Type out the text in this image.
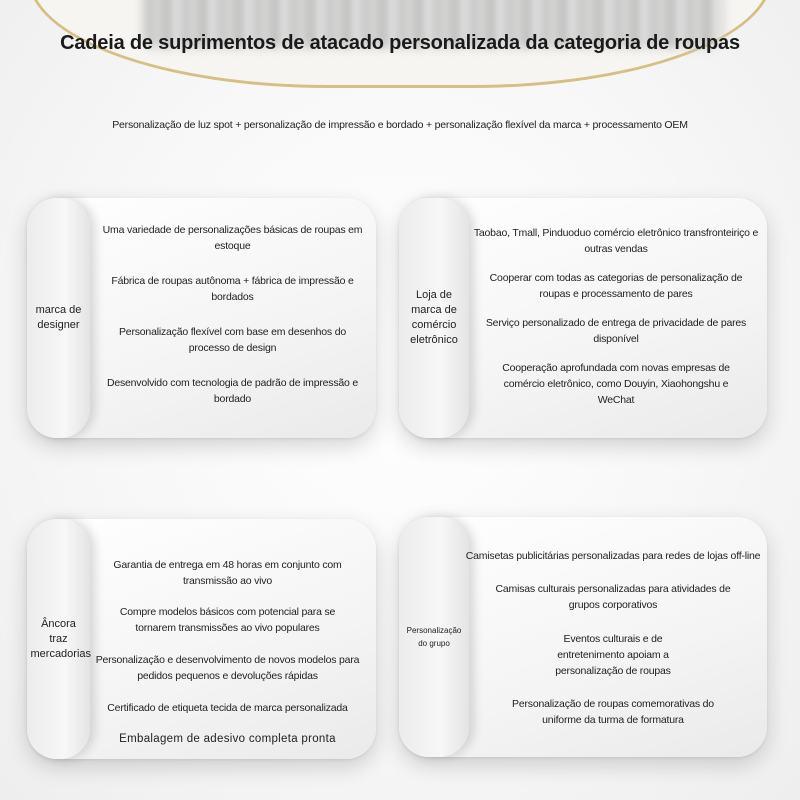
Cadeia de suprimentos de atacado personalizada da categoria de roupas
Personalização de luz spot + personalização de impressão e bordado + personalização flexível da marca + processamento OEM
marca de designer
Uma variedade de personalizações básicas de roupas em estoque
Fábrica de roupas autônoma + fábrica de impressão e bordados
Personalização flexível com base em desenhos do processo de design
Desenvolvido com tecnologia de padrão de impressão e bordado
Loja de marca de comércio eletrônico
Taobao, Tmall, Pinduoduo comércio eletrônico transfronteiriço e outras vendas
Cooperar com todas as categorias de personalização de roupas e processamento de pares
Serviço personalizado de entrega de privacidade de pares disponível
Cooperação aprofundada com novas empresas de comércio eletrônico, como Douyin, Xiaohongshu e WeChat
Âncora traz mercadorias
Garantia de entrega em 48 horas em conjunto com transmissão ao vivo
Compre modelos básicos com potencial para se tornarem transmissões ao vivo populares
Personalização e desenvolvimento de novos modelos para pedidos pequenos e devoluções rápidas
Certificado de etiqueta tecida de marca personalizada
Embalagem de adesivo completa pronta
Personalização do grupo
Camisetas publicitárias personalizadas para redes de lojas off-line
Camisas culturais personalizadas para atividades de grupos corporativos
Eventos culturais e de entretenimento apoiam a personalização de roupas
Personalização de roupas comemorativas do uniforme da turma de formatura
